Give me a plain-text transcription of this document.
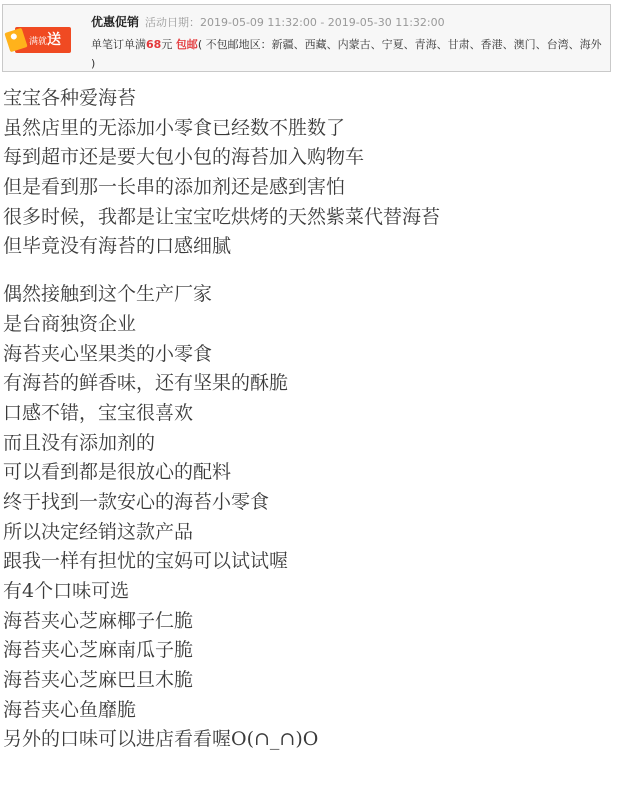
满就送
优惠促销 活动日期：2019-05-09 11:32:00 - 2019-05-30 11:32:00
单笔订单满68元 包邮( 不包邮地区：新疆、西藏、内蒙古、宁夏、青海、甘肃、香港、澳门、台湾、海外 )
宝宝各种爱海苔
虽然店里的无添加小零食已经数不胜数了
每到超市还是要大包小包的海苔加入购物车
但是看到那一长串的添加剂还是感到害怕
很多时候，我都是让宝宝吃烘烤的天然紫菜代替海苔
但毕竟没有海苔的口感细腻
偶然接触到这个生产厂家
是台商独资企业
海苔夹心坚果类的小零食
有海苔的鲜香味，还有坚果的酥脆
口感不错，宝宝很喜欢
而且没有添加剂的
可以看到都是很放心的配料
终于找到一款安心的海苔小零食
所以决定经销这款产品
跟我一样有担忧的宝妈可以试试喔
有4个口味可选
海苔夹心芝麻椰子仁脆
海苔夹心芝麻南瓜子脆
海苔夹心芝麻巴旦木脆
海苔夹心鱼靡脆
另外的口味可以进店看看喔O(∩_∩)O
